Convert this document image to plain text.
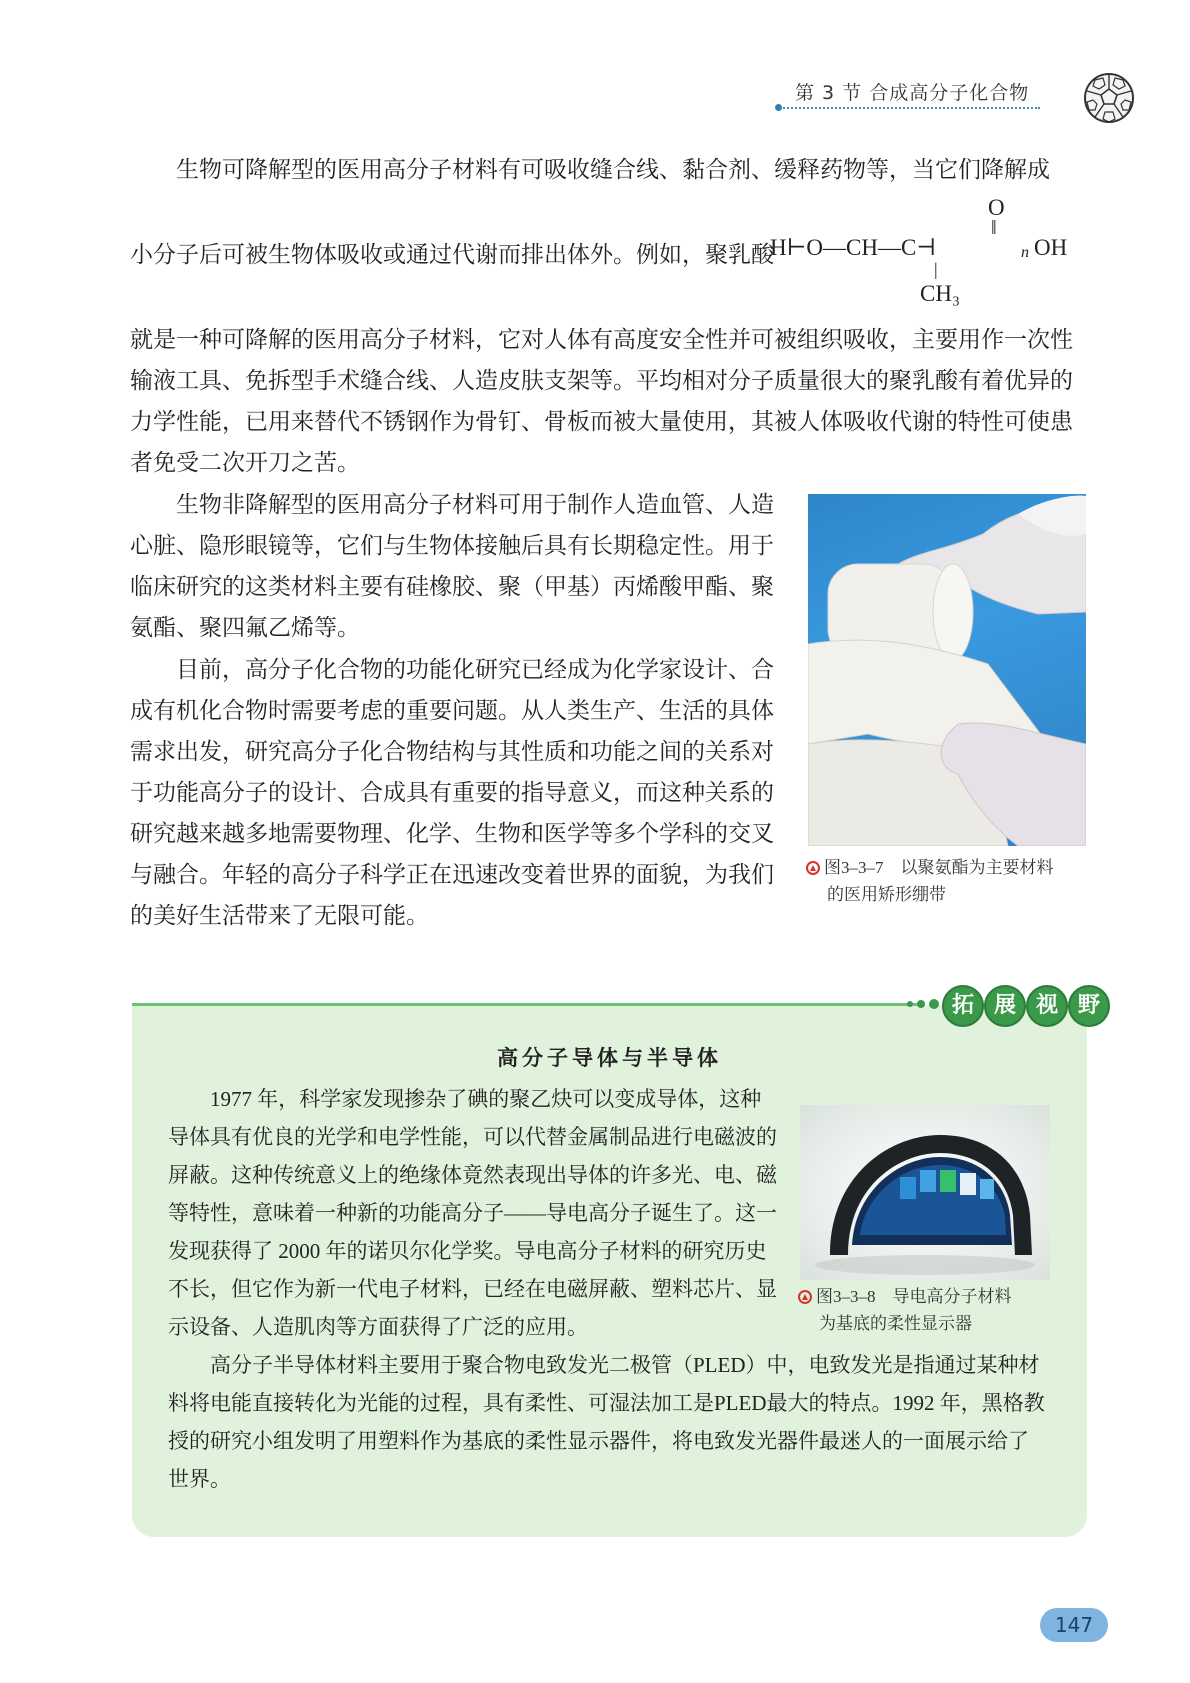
第 3 节 合成高分子化合物
生物可降解型的医用高分子材料有可吸收缝合线、黏合剂、缓释药物等，当它们降解成
小分子后可被生物体吸收或通过代谢而排出体外。例如，聚乳酸
O
‖
H⊢O—CH—C⊣	n OH
|
CH₃
就是一种可降解的医用高分子材料，它对人体有高度安全性并可被组织吸收，主要用作一次性输液工具、免拆型手术缝合线、人造皮肤支架等。平均相对分子质量很大的聚乳酸有着优异的力学性能，已用来替代不锈钢作为骨钉、骨板而被大量使用，其被人体吸收代谢的特性可使患者免受二次开刀之苦。
生物非降解型的医用高分子材料可用于制作人造血管、人造心脏、隐形眼镜等，它们与生物体接触后具有长期稳定性。用于临床研究的这类材料主要有硅橡胶、聚（甲基）丙烯酸甲酯、聚氨酯、聚四氟乙烯等。
目前，高分子化合物的功能化研究已经成为化学家设计、合成有机化合物时需要考虑的重要问题。从人类生产、生活的具体需求出发，研究高分子化合物结构与其性质和功能之间的关系对于功能高分子的设计、合成具有重要的指导意义，而这种关系的研究越来越多地需要物理、化学、生物和医学等多个学科的交叉与融合。年轻的高分子科学正在迅速改变着世界的面貌，为我们的美好生活带来了无限可能。
图3–3–7　以聚氨酯为主要材料
的医用矫形绷带
拓 展 视 野
高分子导体与半导体
1977 年，科学家发现掺杂了碘的聚乙炔可以变成导体，这种导体具有优良的光学和电学性能，可以代替金属制品进行电磁波的屏蔽。这种传统意义上的绝缘体竟然表现出导体的许多光、电、磁等特性，意味着一种新的功能高分子——导电高分子诞生了。这一发现获得了 2000 年的诺贝尔化学奖。导电高分子材料的研究历史不长，但它作为新一代电子材料，已经在电磁屏蔽、塑料芯片、显示设备、人造肌肉等方面获得了广泛的应用。
图3–3–8　导电高分子材料
为基底的柔性显示器
高分子半导体材料主要用于聚合物电致发光二极管（PLED）中，电致发光是指通过某种材料将电能直接转化为光能的过程，具有柔性、可湿法加工是PLED最大的特点。1992 年，黑格教授的研究小组发明了用塑料作为基底的柔性显示器件，将电致发光器件最迷人的一面展示给了世界。
147
